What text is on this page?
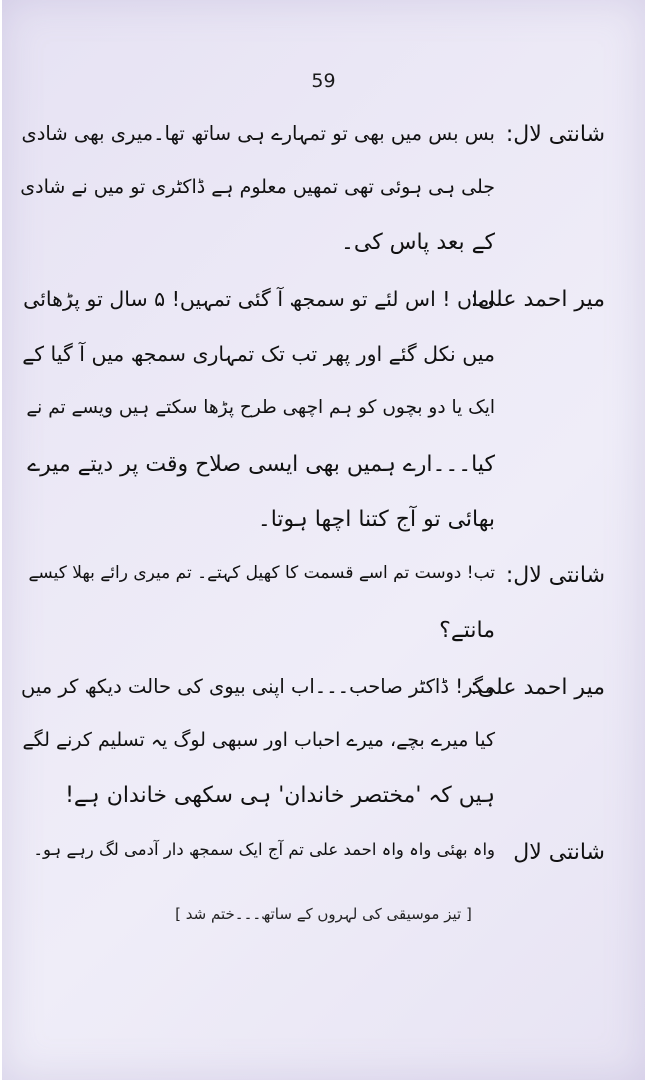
59
شانتی لال:
بس بس میں بھی تو تمہارے ہی ساتھ تھا۔میری بھی شادی
جلی ہی ہوئی تھی تمھیں معلوم ہے ڈاکٹری تو میں نے شادی
کے بعد پاس کی۔
میر احمد علی:
اماں ! اس لئے تو سمجھ آ گئی تمہیں! ۵ سال تو پڑھائی
میں نکل گئے اور پھر تب تک تمہاری سمجھ میں آ گیا کے
ایک یا دو بچوں کو ہم اچھی طرح پڑھا سکتے ہیں ویسے تم نے
کیا۔۔۔ارے ہمیں بھی ایسی صلاح وقت پر دیتے میرے
بھائی تو آج کتنا اچھا ہوتا۔
شانتی لال:
تب! دوست تم اسے قسمت کا کھیل کہتے۔ تم میری رائے بھلا کیسے
مانتے؟
میر احمد علی:
مگر! ڈاکٹر صاحب۔۔۔اب اپنی بیوی کی حالت دیکھ کر میں
کیا میرے بچے، میرے احباب اور سبھی لوگ یہ تسلیم کرنے لگے
ہیں کہ 'مختصر خاندان' ہی سکھی خاندان ہے!
شانتی لال
واہ بھئی واہ واہ احمد علی تم آج ایک سمجھ دار آدمی لگ رہے ہو۔
[ تیز موسیقی کی لہروں کے ساتھ۔۔۔ختم شد ]
